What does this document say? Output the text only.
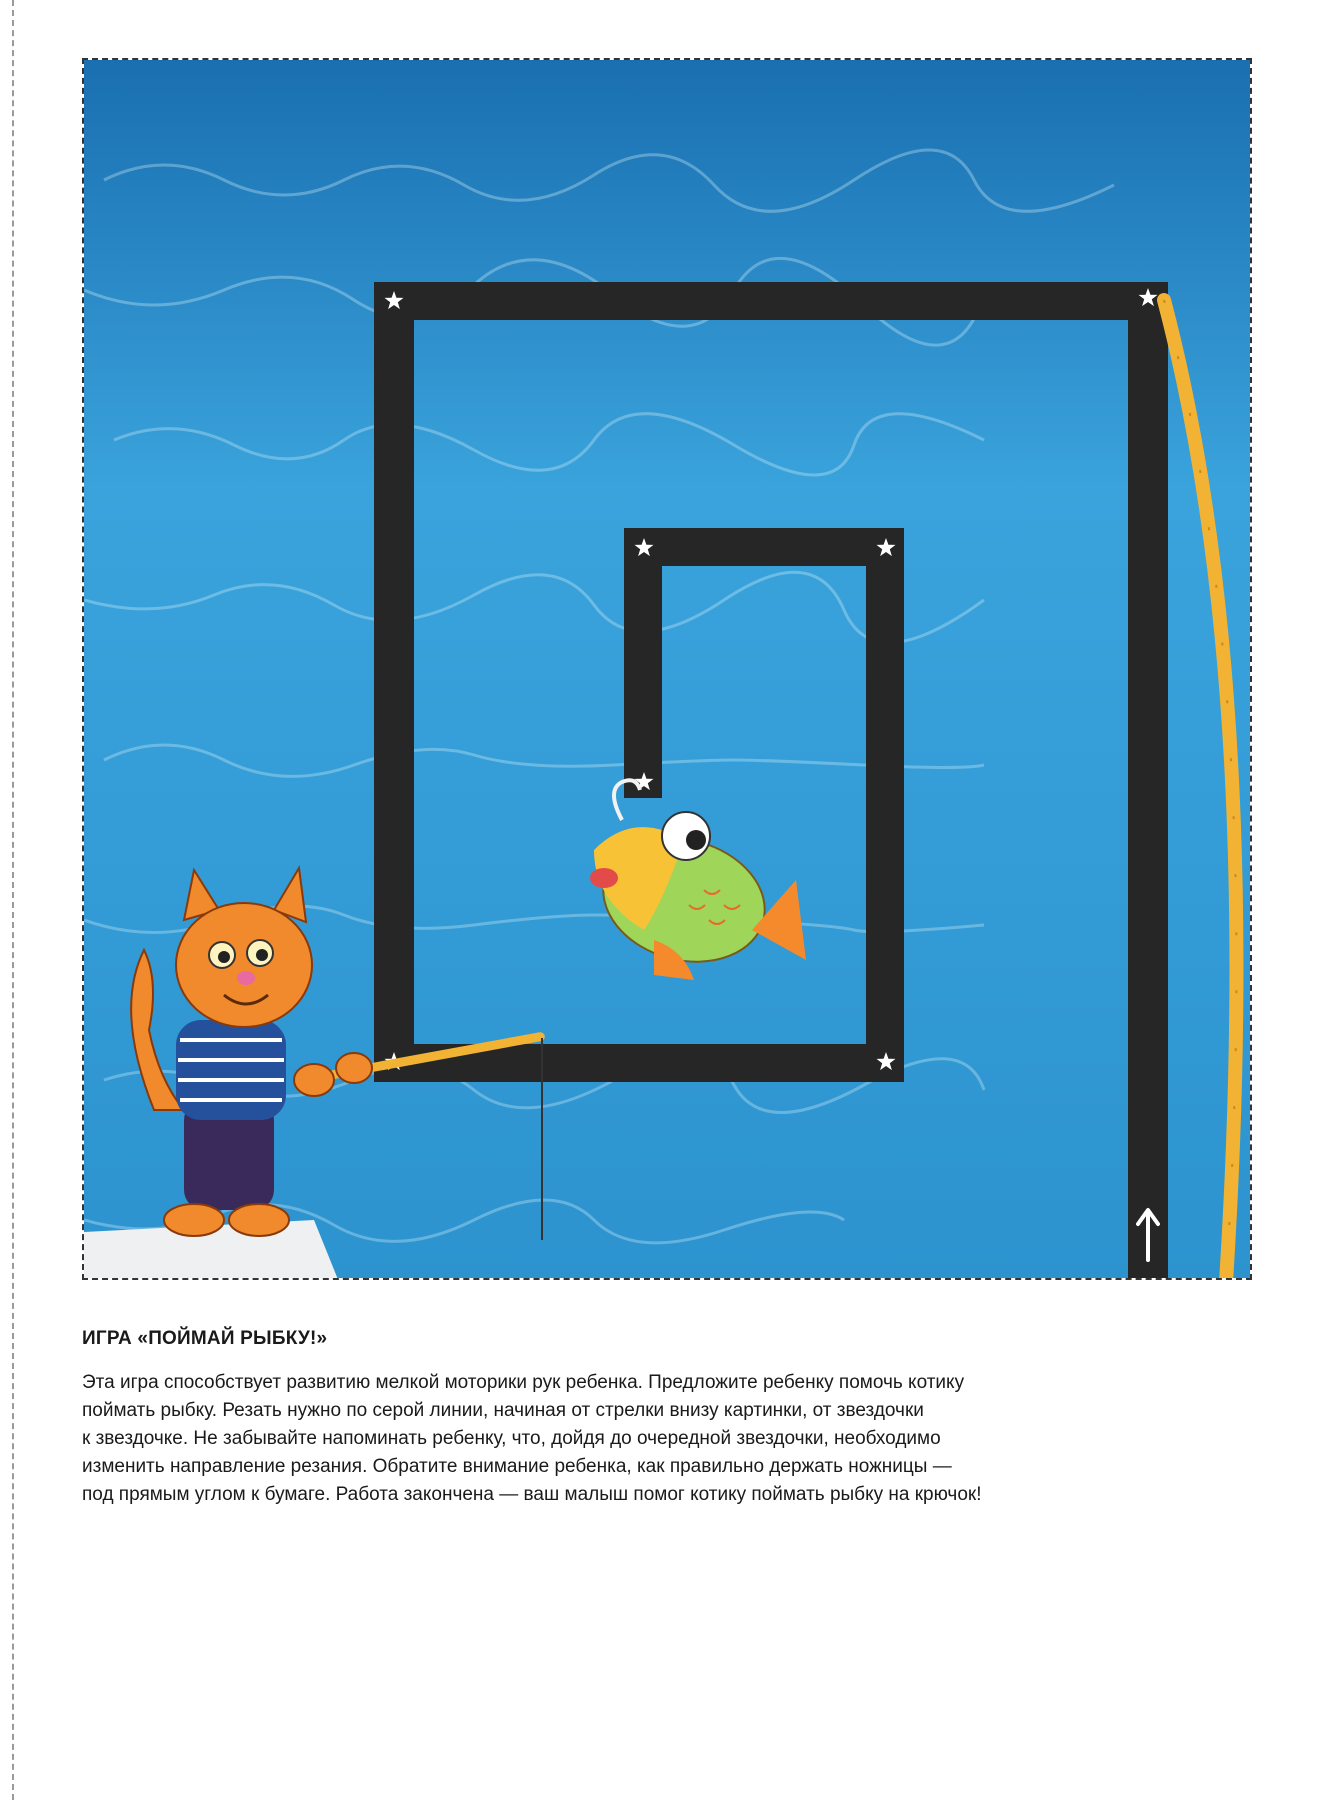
ИГРА «ПОЙМАЙ РЫБКУ!»

Эта игра способствует развитию мелкой моторики рук ребенка. Предложите ребенку помочь котику
поймать рыбку. Резать нужно по серой линии, начиная от стрелки внизу картинки, от звездочки
к звездочке. Не забывайте напоминать ребенку, что, дойдя до очередной звездочки, необходимо
изменить направление резания. Обратите внимание ребенка, как правильно держать ножницы —
под прямым углом к бумаге. Работа закончена — ваш малыш помог котику поймать рыбку на крючок!
